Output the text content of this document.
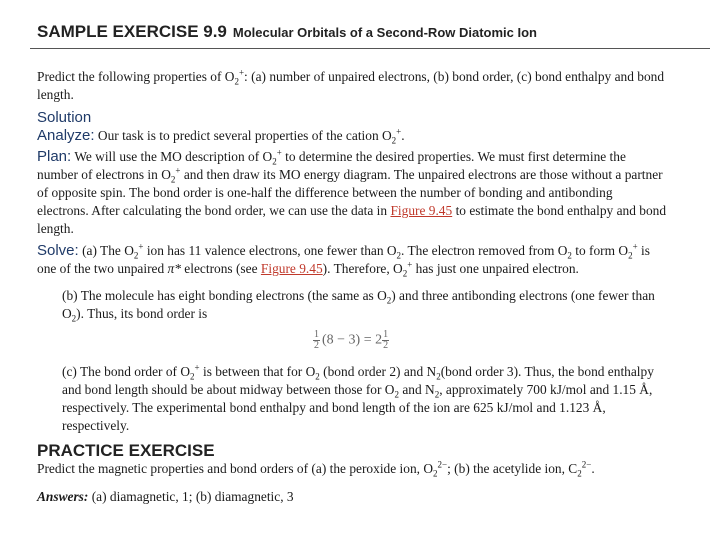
SAMPLE EXERCISE 9.9 Molecular Orbitals of a Second-Row Diatomic Ion
Predict the following properties of $O_2^+$: (a) number of unpaired electrons, (b) bond order, (c) bond enthalpy and bond length.
Solution
Analyze: Our task is to predict several properties of the cation $O_2^+$.
Plan: We will use the MO description of $O_2^+$ to determine the desired properties. We must first determine the number of electrons in $O_2^+$ and then draw its MO energy diagram. The unpaired electrons are those without a partner of opposite spin. The bond order is one-half the difference between the number of bonding and antibonding electrons. After calculating the bond order, we can use the data in Figure 9.45 to estimate the bond enthalpy and bond length.
Solve: (a) The $O_2^+$ ion has 11 valence electrons, one fewer than $O_2$. The electron removed from $O_2$ to form $O_2^+$ is one of the two unpaired π* electrons (see Figure 9.45). Therefore, $O_2^+$ has just one unpaired electron.
(b) The molecule has eight bonding electrons (the same as $O_2$) and three antibonding electrons (one fewer than $O_2$). Thus, its bond order is
$\frac{1}{2} (8 - 3) = 2 \frac{1}{2}$
(c) The bond order of $O_2^+$ is between that for $O_2$ (bond order 2) and $N_2(bond$ order 3). Thus, the bond enthalpy and bond length should be about midway between those for $O_2$ and $N_2$, approximately 700 kJ/mol and 1.15 Å, respectively. The experimental bond enthalpy and bond length of the ion are 625 kJ/mol and 1.123 Å, respectively.
PRACTICE EXERCISE
Predict the magnetic properties and bond orders of (a) the peroxide ion, $O_2^{2-}$; (b) the acetylide ion, $C_2^{2-}$.
Answers: (a) diamagnetic, 1; (b) diamagnetic, 3
